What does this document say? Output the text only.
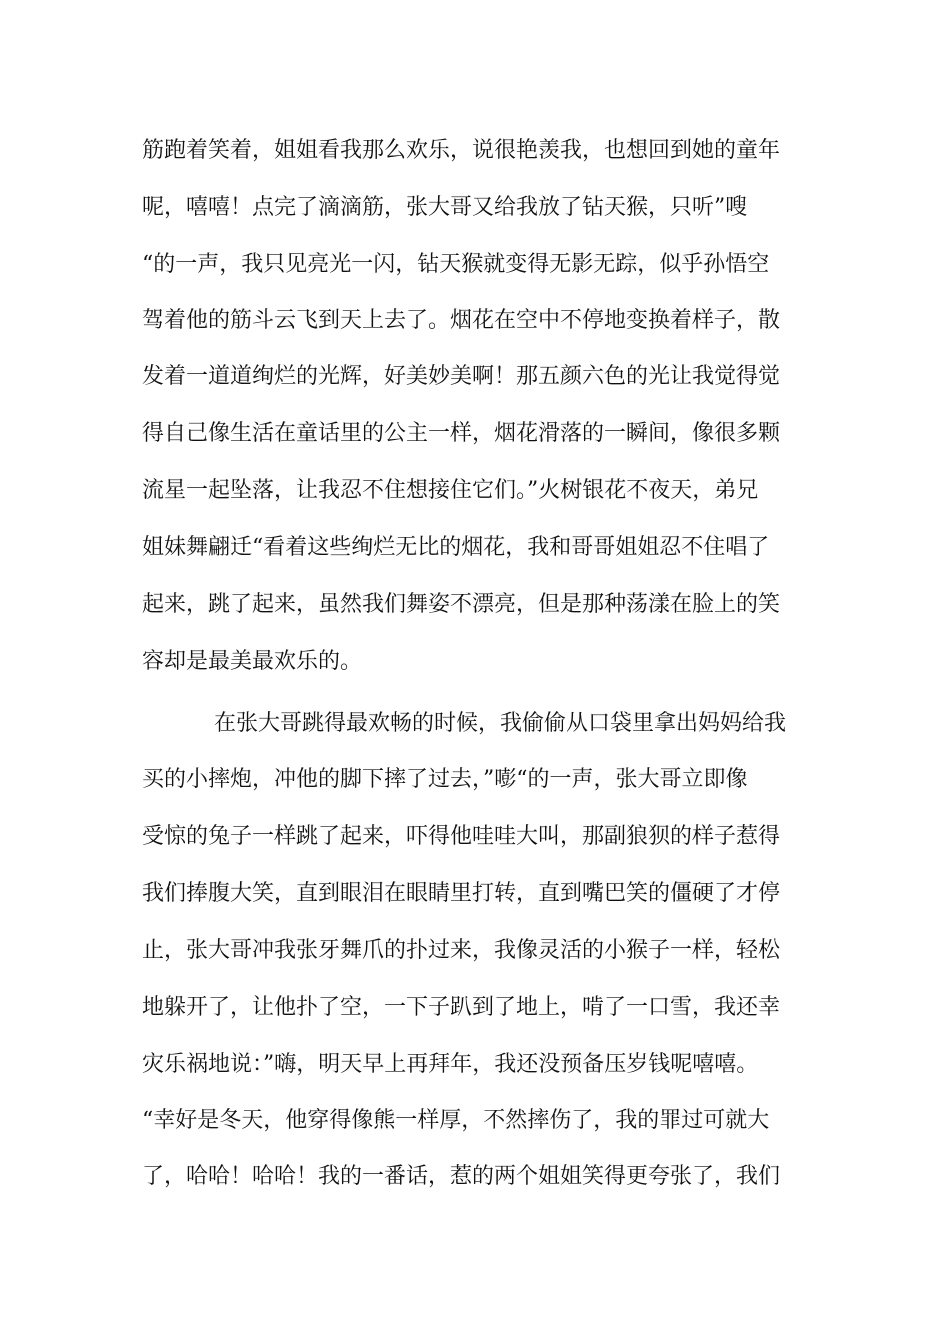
筋跑着笑着，姐姐看我那么欢乐，说很艳羡我，也想回到她的童年
呢，嘻嘻！点完了滴滴筋，张大哥又给我放了钻天猴，只听”嗖
“的一声，我只见亮光一闪，钻天猴就变得无影无踪，似乎孙悟空
驾着他的筋斗云飞到天上去了。烟花在空中不停地变换着样子，散
发着一道道绚烂的光辉，好美妙美啊！那五颜六色的光让我觉得觉
得自己像生活在童话里的公主一样，烟花滑落的一瞬间，像很多颗
流星一起坠落，让我忍不住想接住它们。”火树银花不夜天，弟兄
姐妹舞翩迁“看着这些绚烂无比的烟花，我和哥哥姐姐忍不住唱了
起来，跳了起来，虽然我们舞姿不漂亮，但是那种荡漾在脸上的笑
容却是最美最欢乐的。
在张大哥跳得最欢畅的时候，我偷偷从口袋里拿出妈妈给我
买的小摔炮，冲他的脚下摔了过去，”嘭“的一声，张大哥立即像
受惊的兔子一样跳了起来，吓得他哇哇大叫，那副狼狈的样子惹得
我们捧腹大笑，直到眼泪在眼睛里打转，直到嘴巴笑的僵硬了才停
止，张大哥冲我张牙舞爪的扑过来，我像灵活的小猴子一样，轻松
地躲开了，让他扑了空，一下子趴到了地上，啃了一口雪，我还幸
灾乐祸地说：”嗨，明天早上再拜年，我还没预备压岁钱呢嘻嘻。
“幸好是冬天，他穿得像熊一样厚，不然摔伤了，我的罪过可就大
了，哈哈！哈哈！我的一番话，惹的两个姐姐笑得更夸张了，我们
